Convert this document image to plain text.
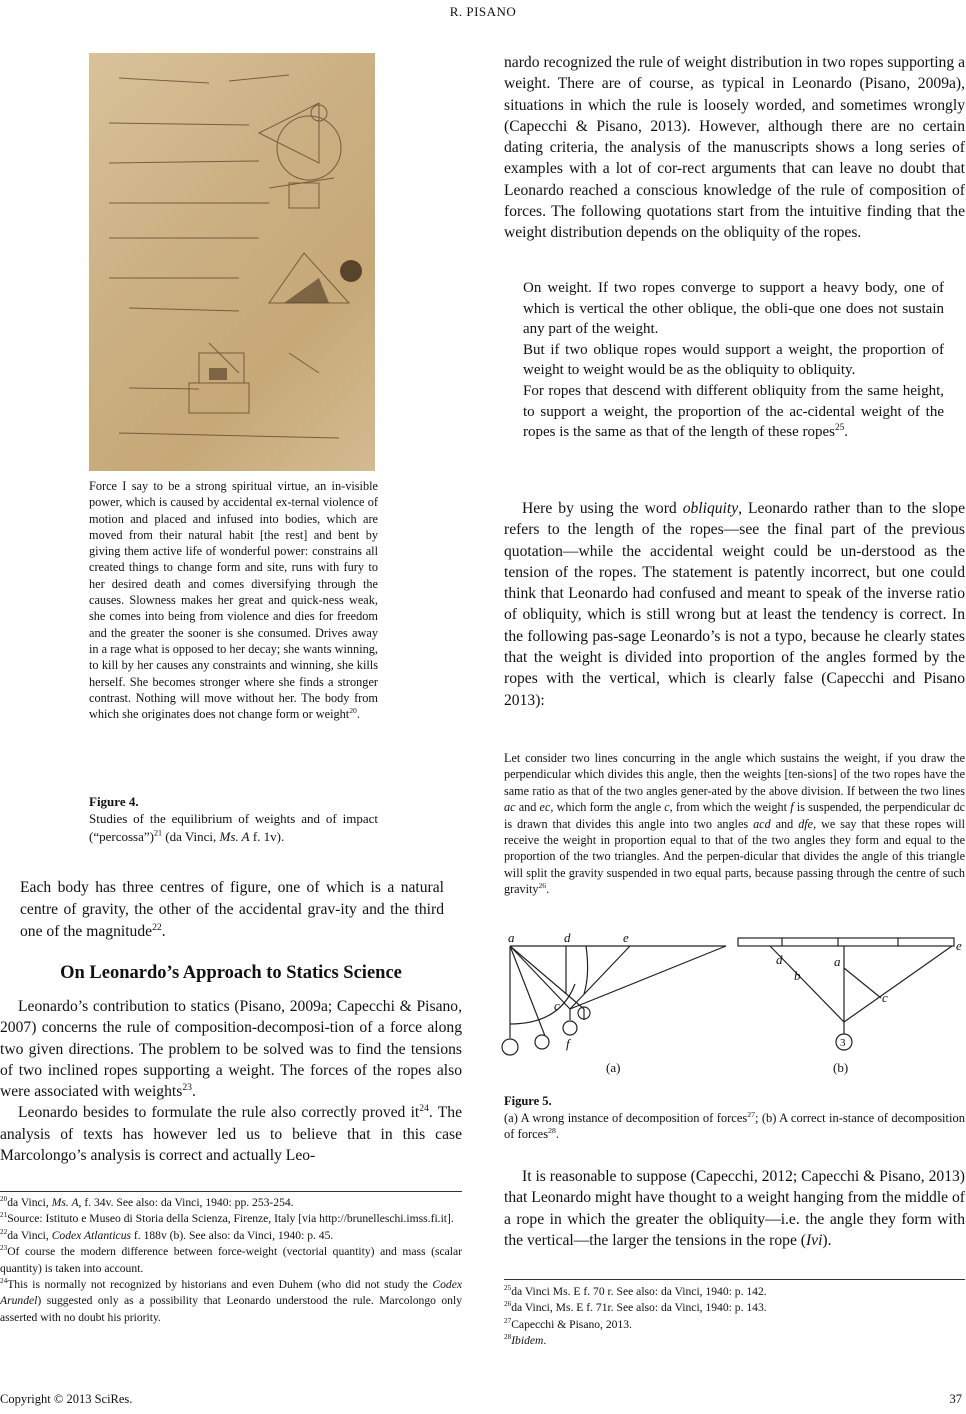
R. PISANO
Force I say to be a strong spiritual virtue, an in-visible power, which is caused by accidental ex-ternal violence of motion and placed and infused into bodies, which are moved from their natural habit [the rest] and bent by giving them active life of wonderful power: constrains all created things to change form and site, runs with fury to her desired death and comes diversifying through the causes. Slowness makes her great and quick-ness weak, she comes into being from violence and dies for freedom and the greater the sooner is she consumed. Drives away in a rage what is opposed to her decay; she wants winning, to kill by her causes any constraints and winning, she kills herself. She becomes stronger where she finds a stronger contrast. Nothing will move without her. The body from which she originates does not change form or weight$^{20}$.
Figure 4.
Studies of the equilibrium of weights and of impact (“percossa”)$^{21}$ (da Vinci, Ms. A f. 1v).
Each body has three centres of figure, one of which is a natural centre of gravity, the other of the accidental grav-ity and the third one of the magnitude$^{22}$.
On Leonardo’s Approach to Statics Science

Leonardo’s contribution to statics (Pisano, 2009a; Capecchi & Pisano, 2007) concerns the rule of composition-decomposi-tion of a force along two given directions. The problem to be solved was to find the tensions of two inclined ropes supporting a weight. The forces of the ropes also were associated with weights$^{23}$.

Leonardo besides to formulate the rule also correctly proved $it^{24}$. The analysis of texts has however led us to believe that in this case Marcolongo’s analysis is correct and actually Leo-

$^{20}$da Vinci, Ms. A, f. 34v. See also: da Vinci, 1940: pp. 253-254.

$^{21}$Source: Istituto e Museo di Storia della Scienza, Firenze, Italy [via http://brunelleschi.imss.fi.it].

$^{22}$da Vinci, Codex Atlanticus f. 188v (b). See also: da Vinci, 1940: p. 45.

$^{23}$Of course the modern difference between force-weight (vectorial quantity) and mass (scalar quantity) is taken into account.

$^{24}$This is normally not recognized by historians and even Duhem (who did not study the Codex Arundel) suggested only as a possibility that Leonardo understood the rule. Marcolongo only asserted with no doubt his priority.

nardo recognized the rule of weight distribution in two ropes supporting a weight. There are of course, as typical in Leonardo (Pisano, 2009a), situations in which the rule is loosely worded, and sometimes wrongly (Capecchi & Pisano, 2013). However, although there are no certain dating criteria, the analysis of the manuscripts shows a long series of examples with a lot of cor-rect arguments that can leave no doubt that Leonardo reached a conscious knowledge of the rule of composition of forces. The following quotations start from the intuitive finding that the weight distribution depends on the obliquity of the ropes.

On weight. If two ropes converge to support a heavy body, one of which is vertical the other oblique, the obli-que one does not sustain any part of the weight.

But if two oblique ropes would support a weight, the proportion of weight to weight would be as the obliquity to obliquity.

For ropes that descend with different obliquity from the same height, to support a weight, the proportion of the ac-cidental weight of the ropes is the same as that of the length of these ropes$^{25}$.

Here by using the word obliquity, Leonardo rather than to the slope refers to the length of the ropes—see the final part of the previous quotation—while the accidental weight could be un-derstood as the tension of the ropes. The statement is patently incorrect, but one could think that Leonardo had confused and meant to speak of the inverse ratio of obliquity, which is still wrong but at least the tendency is correct. In the following pas-sage Leonardo’s is not a typo, because he clearly states that the weight is divided into proportion of the angles formed by the ropes with the vertical, which is clearly false (Capecchi and Pisano 2013):

Let consider two lines concurring in the angle which sustains the weight, if you draw the perpendicular which divides this angle, then the weights [ten-sions] of the two ropes have the same ratio as that of the two angles gener-ated by the above division. If between the two lines ac and ec, which form the angle c, from which the weight f is suspended, the perpendicular dc is drawn that divides this angle into two angles acd and dfe, we say that these ropes will receive the weight in proportion equal to that of the two angles they form and equal to the proportion of the two triangles. And the perpen-dicular that divides the angle of this triangle will split the gravity suspended in two equal parts, because passing through the centre of such gravity$^{26}$.
a	d	e
c
f
(a)
d
e
a
b
c
3
(b)
Figure 5.
(a) A wrong instance of decomposition of forces$^{27}$; (b) A correct in-stance of decomposition of forces$^{28}$.

It is reasonable to suppose (Capecchi, 2012; Capecchi & Pisano, 2013) that Leonardo might have thought to a weight hanging from the middle of a rope in which the greater the obliquity—i.e. the angle they form with the vertical—the larger the tensions in the rope (Ivi).

$^{25}$da Vinci Ms. E f. 70 r. See also: da Vinci, 1940: p. 142.

$^{26}$da Vinci, Ms. E f. 71r. See also: da Vinci, 1940: p. 143.

$^{27}$Capecchi & Pisano, 2013.

$^{28}$Ibidem.

Copyright © 2013 SciRes.	37
